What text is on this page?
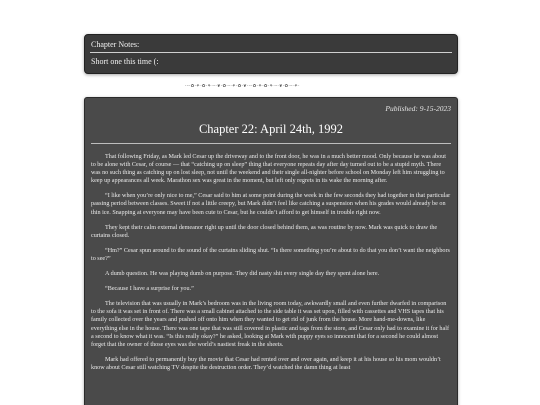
Chapter Notes:
Short one this time (:
·–·✿·⚘·✿·⚘·–·❦·✿·–·⚘·✿·❦·–·✿·⚘·✿·⚘·–·❦·✿·–·⚘·
Published: 9-15-2023
Chapter 22: April 24th, 1992

That following Friday, as Mark led Cesar up the driveway and to the front door, he was in a much better mood. Only because he was about to be alone with Cesar, of course — that “catching up on sleep” thing that everyone repeats day after day turned out to be a stupid myth. There was no such thing as catching up on lost sleep, not until the weekend and their single all-nighter before school on Monday left him struggling to keep up appearances all week. Marathon sex was great in the moment, but left only regrets in its wake the morning after.

“I like when you’re only nice to me,” Cesar said to him at some point during the week in the few seconds they had together in that particular passing period between classes. Sweet if not a little creepy, but Mark didn’t feel like catching a suspension when his grades would already be on thin ice. Snapping at everyone may have been cute to Cesar, but he couldn’t afford to get himself in trouble right now.

They kept their calm external demeanor right up until the door closed behind them, as was routine by now. Mark was quick to draw the curtains closed.

“Hm?” Cesar spun around to the sound of the curtains sliding shut. “Is there something you’re about to do that you don’t want the neighbors to see?”

A dumb question. He was playing dumb on purpose. They did nasty shit every single day they spent alone here.

“Because I have a surprise for you.”

The television that was usually in Mark’s bedroom was in the living room today, awkwardly small and even further dwarfed in comparison to the sofa it was set in front of. There was a small cabinet attached to the side table it was set upon, filled with cassettes and VHS tapes that his family collected over the years and pushed off onto him when they wanted to get rid of junk from the house. More hand-me-downs, like everything else in the house. There was one tape that was still covered in plastic and tags from the store, and Cesar only had to examine it for half a second to know what it was. “Is this really okay?” he asked, looking at Mark with puppy eyes so innocent that for a second he could almost forget that the owner of those eyes was the world’s nastiest freak in the sheets.

Mark had offered to permanently buy the movie that Cesar had rented over and over again, and keep it at his house so his mom wouldn’t know about Cesar still watching TV despite the destruction order. They’d watched the damn thing at least
